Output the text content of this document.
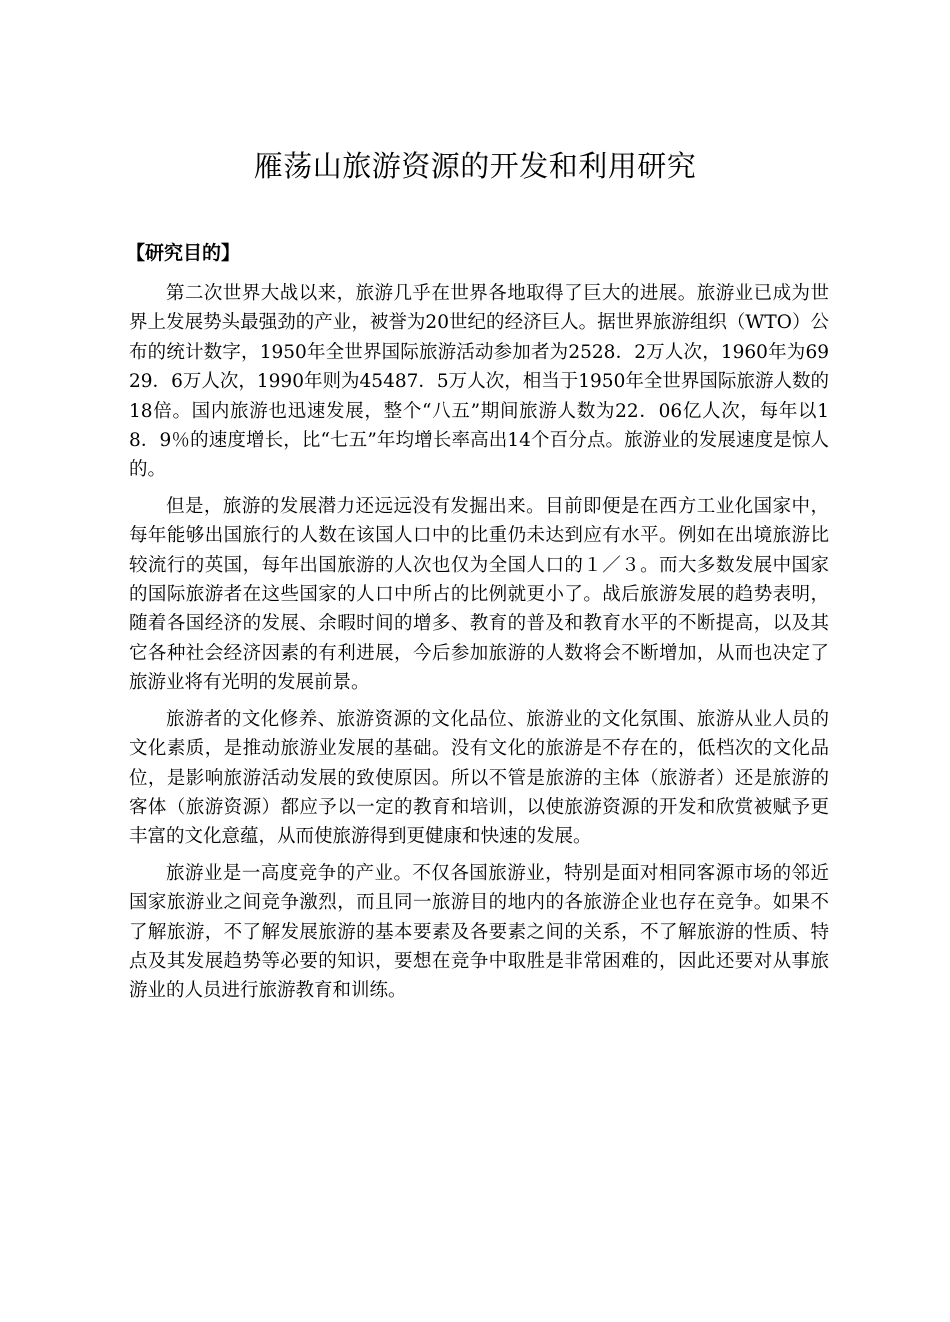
雁荡山旅游资源的开发和利用研究
【研究目的】

第二次世界大战以来，旅游几乎在世界各地取得了巨大的进展。旅游业已成为世界上发展势头最强劲的产业，被誉为20世纪的经济巨人。据世界旅游组织（WTO）公布的统计数字，1950年全世界国际旅游活动参加者为2528．2万人次，1960年为6929．6万人次，1990年则为45487．5万人次，相当于1950年全世界国际旅游人数的18倍。国内旅游也迅速发展，整个“八五”期间旅游人数为22．06亿人次，每年以18．9％的速度增长，比“七五”年均增长率高出14个百分点。旅游业的发展速度是惊人的。

但是，旅游的发展潜力还远远没有发掘出来。目前即便是在西方工业化国家中，每年能够出国旅行的人数在该国人口中的比重仍未达到应有水平。例如在出境旅游比较流行的英国，每年出国旅游的人次也仅为全国人口的１／３。而大多数发展中国家的国际旅游者在这些国家的人口中所占的比例就更小了。战后旅游发展的趋势表明，随着各国经济的发展、余暇时间的增多、教育的普及和教育水平的不断提高，以及其它各种社会经济因素的有利进展，今后参加旅游的人数将会不断增加，从而也决定了旅游业将有光明的发展前景。

旅游者的文化修养、旅游资源的文化品位、旅游业的文化氛围、旅游从业人员的文化素质，是推动旅游业发展的基础。没有文化的旅游是不存在的，低档次的文化品位，是影响旅游活动发展的致使原因。所以不管是旅游的主体（旅游者）还是旅游的客体（旅游资源）都应予以一定的教育和培训，以使旅游资源的开发和欣赏被赋予更丰富的文化意蕴，从而使旅游得到更健康和快速的发展。

旅游业是一高度竞争的产业。不仅各国旅游业，特别是面对相同客源市场的邻近国家旅游业之间竞争激烈，而且同一旅游目的地内的各旅游企业也存在竞争。如果不了解旅游，不了解发展旅游的基本要素及各要素之间的关系，不了解旅游的性质、特点及其发展趋势等必要的知识，要想在竞争中取胜是非常困难的，因此还要对从事旅游业的人员进行旅游教育和训练。
